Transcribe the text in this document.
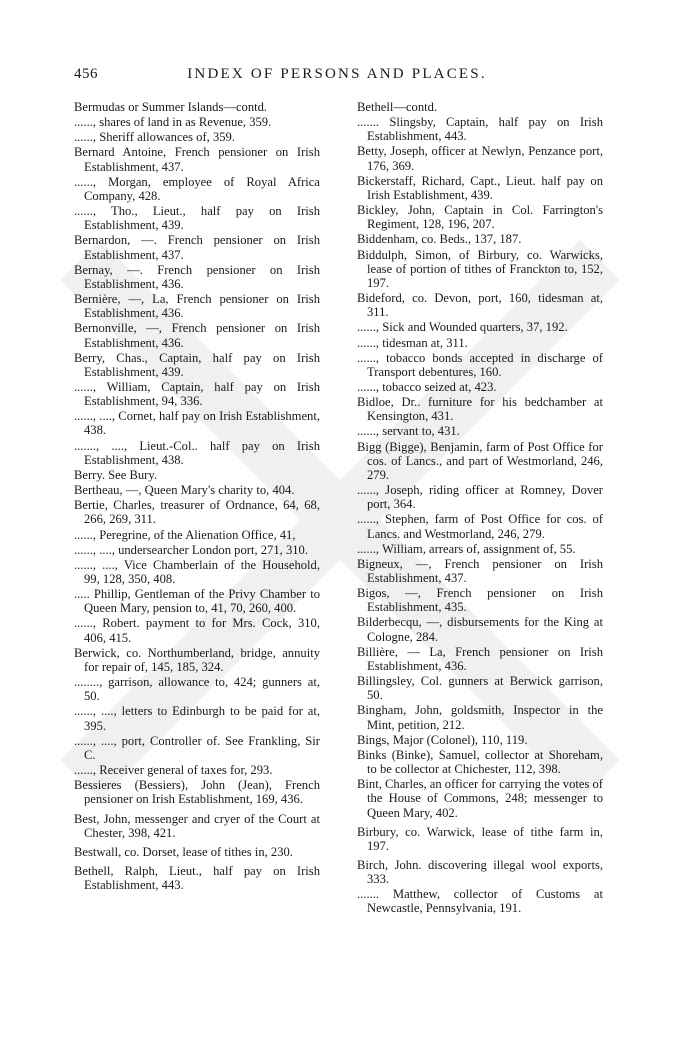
456	INDEX OF PERSONS AND PLACES.
Bermudas or Summer Islands—contd.
......, shares of land in as Revenue, 359.
......, Sheriff allowances of, 359.
Bernard Antoine, French pensioner on Irish Establishment, 437.
......, Morgan, employee of Royal Africa Company, 428.
......, Tho., Lieut., half pay on Irish Establishment, 439.
Bernardon, —. French pensioner on Irish Establishment, 437.
Bernay, —. French pensioner on Irish Establishment, 436.
Bernière, —, La, French pensioner on Irish Establishment, 436.
Bernonville, —, French pensioner on Irish Establishment, 436.
Berry, Chas., Captain, half pay on Irish Establishment, 439.
......, William, Captain, half pay on Irish Establishment, 94, 336.
......, ...., Cornet, half pay on Irish Establishment, 438.
......., ...., Lieut.-Col.. half pay on Irish Establishment, 438.
Berry. See Bury.
Bertheau, —, Queen Mary's charity to, 404.
Bertie, Charles, treasurer of Ordnance, 64, 68, 266, 269, 311.
......, Peregrine, of the Alienation Office, 41,
......, ...., undersearcher London port, 271, 310.
......, ...., Vice Chamberlain of the Household, 99, 128, 350, 408.
..... Phillip, Gentleman of the Privy Chamber to Queen Mary, pension to, 41, 70, 260, 400.
......, Robert. payment to for Mrs. Cock, 310, 406, 415.
Berwick, co. Northumberland, bridge, annuity for repair of, 145, 185, 324.
........, garrison, allowance to, 424; gunners at, 50.
......, ...., letters to Edinburgh to be paid for at, 395.
......, ...., port, Controller of. See Frankling, Sir C.
......, Receiver general of taxes for, 293.
Bessieres (Bessiers), John (Jean), French pensioner on Irish Establishment, 169, 436.
Best, John, messenger and cryer of the Court at Chester, 398, 421.
Bestwall, co. Dorset, lease of tithes in, 230.
Bethell, Ralph, Lieut., half pay on Irish Establishment, 443.
Bethell—contd.
....... Slingsby, Captain, half pay on Irish Establishment, 443.
Betty, Joseph, officer at Newlyn, Penzance port, 176, 369.
Bickerstaff, Richard, Capt., Lieut. half pay on Irish Establishment, 439.
Bickley, John, Captain in Col. Farrington's Regiment, 128, 196, 207.
Biddenham, co. Beds., 137, 187.
Biddulph, Simon, of Birbury, co. Warwicks, lease of portion of tithes of Franckton to, 152, 197.
Bideford, co. Devon, port, 160, tidesman at, 311.
......, Sick and Wounded quarters, 37, 192.
......, tidesman at, 311.
......, tobacco bonds accepted in discharge of Transport debentures, 160.
......, tobacco seized at, 423.
Bidloe, Dr.. furniture for his bedchamber at Kensington, 431.
......, servant to, 431.
Bigg (Bigge), Benjamin, farm of Post Office for cos. of Lancs., and part of Westmorland, 246, 279.
......, Joseph, riding officer at Romney, Dover port, 364.
......, Stephen, farm of Post Office for cos. of Lancs. and Westmorland, 246, 279.
......, William, arrears of, assignment of, 55.
Bigneux, —, French pensioner on Irish Establishment, 437.
Bigos, —, French pensioner on Irish Establishment, 435.
Bilderbecqu, —, disbursements for the King at Cologne, 284.
Billière, — La, French pensioner on Irish Establishment, 436.
Billingsley, Col. gunners at Berwick garrison, 50.
Bingham, John, goldsmith, Inspector in the Mint, petition, 212.
Bings, Major (Colonel), 110, 119.
Binks (Binke), Samuel, collector at Shoreham, to be collector at Chichester, 112, 398.
Bint, Charles, an officer for carrying the votes of the House of Commons, 248; messenger to Queen Mary, 402.
Birbury, co. Warwick, lease of tithe farm in, 197.
Birch, John. discovering illegal wool exports, 333.
....... Matthew, collector of Customs at Newcastle, Pennsylvania, 191.
